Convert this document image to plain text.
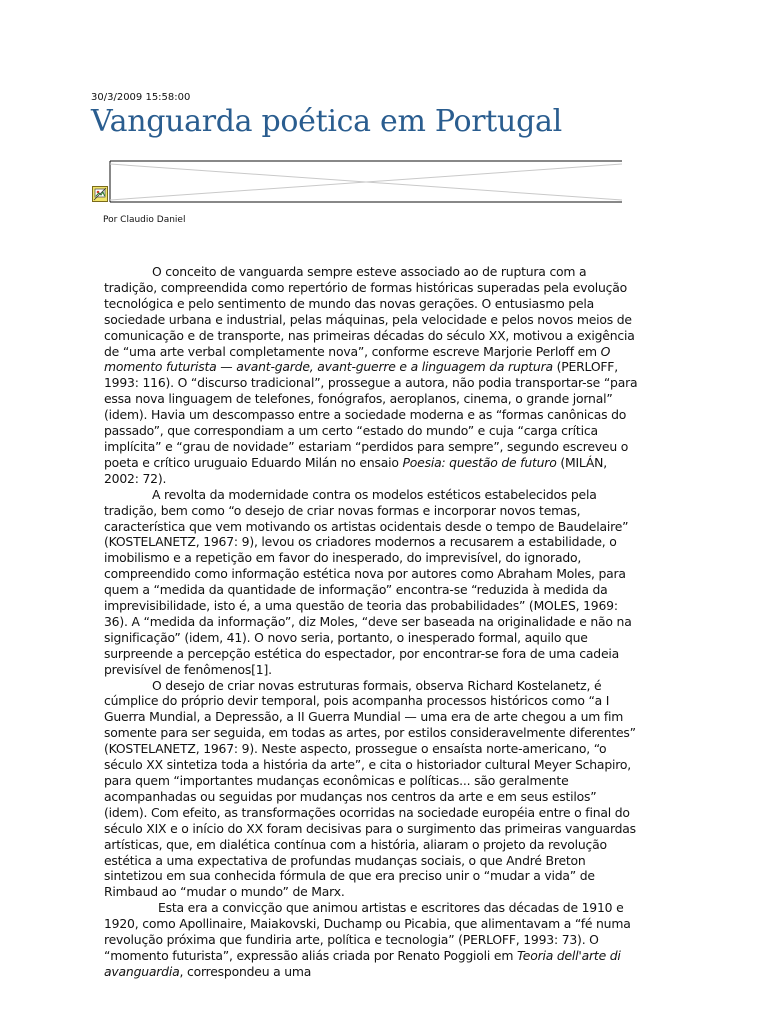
30/3/2009 15:58:00
Vanguarda poética em Portugal
Por Claudio Daniel

O conceito de vanguarda sempre esteve associado ao de ruptura com a tradição, compreendida como repertório de formas históricas superadas pela evolução tecnológica e pelo sentimento de mundo das novas gerações. O entusiasmo pela sociedade urbana e industrial, pelas máquinas, pela velocidade e pelos novos meios de comunicação e de transporte, nas primeiras décadas do século XX, motivou a exigência de “uma arte verbal completamente nova”, conforme escreve Marjorie Perloff em O momento futurista — avant-garde, avant-guerre e a linguagem da ruptura (PERLOFF, 1993: 116). O “discurso tradicional”, prossegue a autora, não podia transportar-se “para essa nova linguagem de telefones, fonógrafos, aeroplanos, cinema, o grande jornal” (idem). Havia um descompasso entre a sociedade moderna e as “formas canônicas do passado”, que correspondiam a um certo “estado do mundo” e cuja “carga crítica implícita” e “grau de novidade” estariam “perdidos para sempre”, segundo escreveu o poeta e crítico uruguaio Eduardo Milán no ensaio Poesia: questão de futuro (MILÁN, 2002: 72).

A revolta da modernidade contra os modelos estéticos estabelecidos pela tradição, bem como “o desejo de criar novas formas e incorporar novos temas, característica que vem motivando os artistas ocidentais desde o tempo de Baudelaire” (KOSTELANETZ, 1967: 9), levou os criadores modernos a recusarem a estabilidade, o imobilismo e a repetição em favor do inesperado, do imprevisível, do ignorado, compreendido como informação estética nova por autores como Abraham Moles, para quem a “medida da quantidade de informação” encontra-se “reduzida à medida da imprevisibilidade, isto é, a uma questão de teoria das probabilidades” (MOLES, 1969: 36). A “medida da informação”, diz Moles, “deve ser baseada na originalidade e não na significação” (idem, 41). O novo seria, portanto, o inesperado formal, aquilo que surpreende a percepção estética do espectador, por encontrar-se fora de uma cadeia previsível de fenômenos[1].

O desejo de criar novas estruturas formais, observa Richard Kostelanetz, é cúmplice do próprio devir temporal, pois acompanha processos históricos como “a I Guerra Mundial, a Depressão, a II Guerra Mundial — uma era de arte chegou a um fim somente para ser seguida, em todas as artes, por estilos consideravelmente diferentes” (KOSTELANETZ, 1967: 9). Neste aspecto, prossegue o ensaísta norte-americano, “o século XX sintetiza toda a história da arte”, e cita o historiador cultural Meyer Schapiro, para quem “importantes mudanças econômicas e políticas... são geralmente acompanhadas ou seguidas por mudanças nos centros da arte e em seus estilos” (idem). Com efeito, as transformações ocorridas na sociedade européia entre o final do século XIX e o início do XX foram decisivas para o surgimento das primeiras vanguardas artísticas, que, em dialética contínua com a história, aliaram o projeto da revolução estética a uma expectativa de profundas mudanças sociais, o que André Breton sintetizou em sua conhecida fórmula de que era preciso unir o “mudar a vida” de Rimbaud ao “mudar o mundo” de Marx.

Esta era a convicção que animou artistas e escritores das décadas de 1910 e 1920, como Apollinaire, Maiakovski, Duchamp ou Picabia, que alimentavam a “fé numa revolução próxima que fundiria arte, política e tecnologia” (PERLOFF, 1993: 73). O “momento futurista”, expressão aliás criada por Renato Poggioli em Teoria dell'arte di avanguardia, correspondeu a uma
